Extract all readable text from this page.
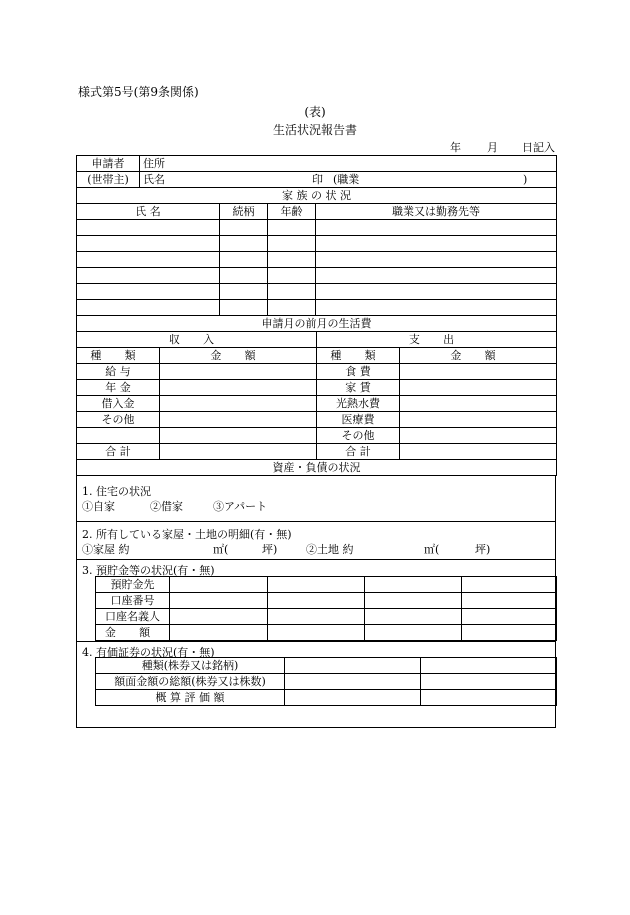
様式第5号(第9条関係)
(表)
生活状況報告書
年 月 日記入
申請者	住所			
(世帯主)	氏名 印 (職業 )			

家 族 の 状 況				
氏 名		続柄	年齢	職業又は勤務先等

申請月の前月の生活費			
収 入		支 出	
種 類	金 額	種 類	金 額
給 与		食 費	
年 金		家 賃	
借入金		光熱水費	
その他		医療費	
		その他	
合 計		合 計	
資産・負債の状況			
1. 住宅の状況
①自家	②借家	③アパート
2. 所有している家屋・土地の明細(有・無)
①家屋 約	㎡(	坪)	②土地 約	㎡(	坪)
3. 預貯金等の状況(有・無)
預貯金先				
口座番号				
口座名義人				
金 額				
4. 有価証券の状況(有・無)
種類(株券又は銘柄)		
額面金額の総額(株券又は株数)		
概 算 評 価 額		
